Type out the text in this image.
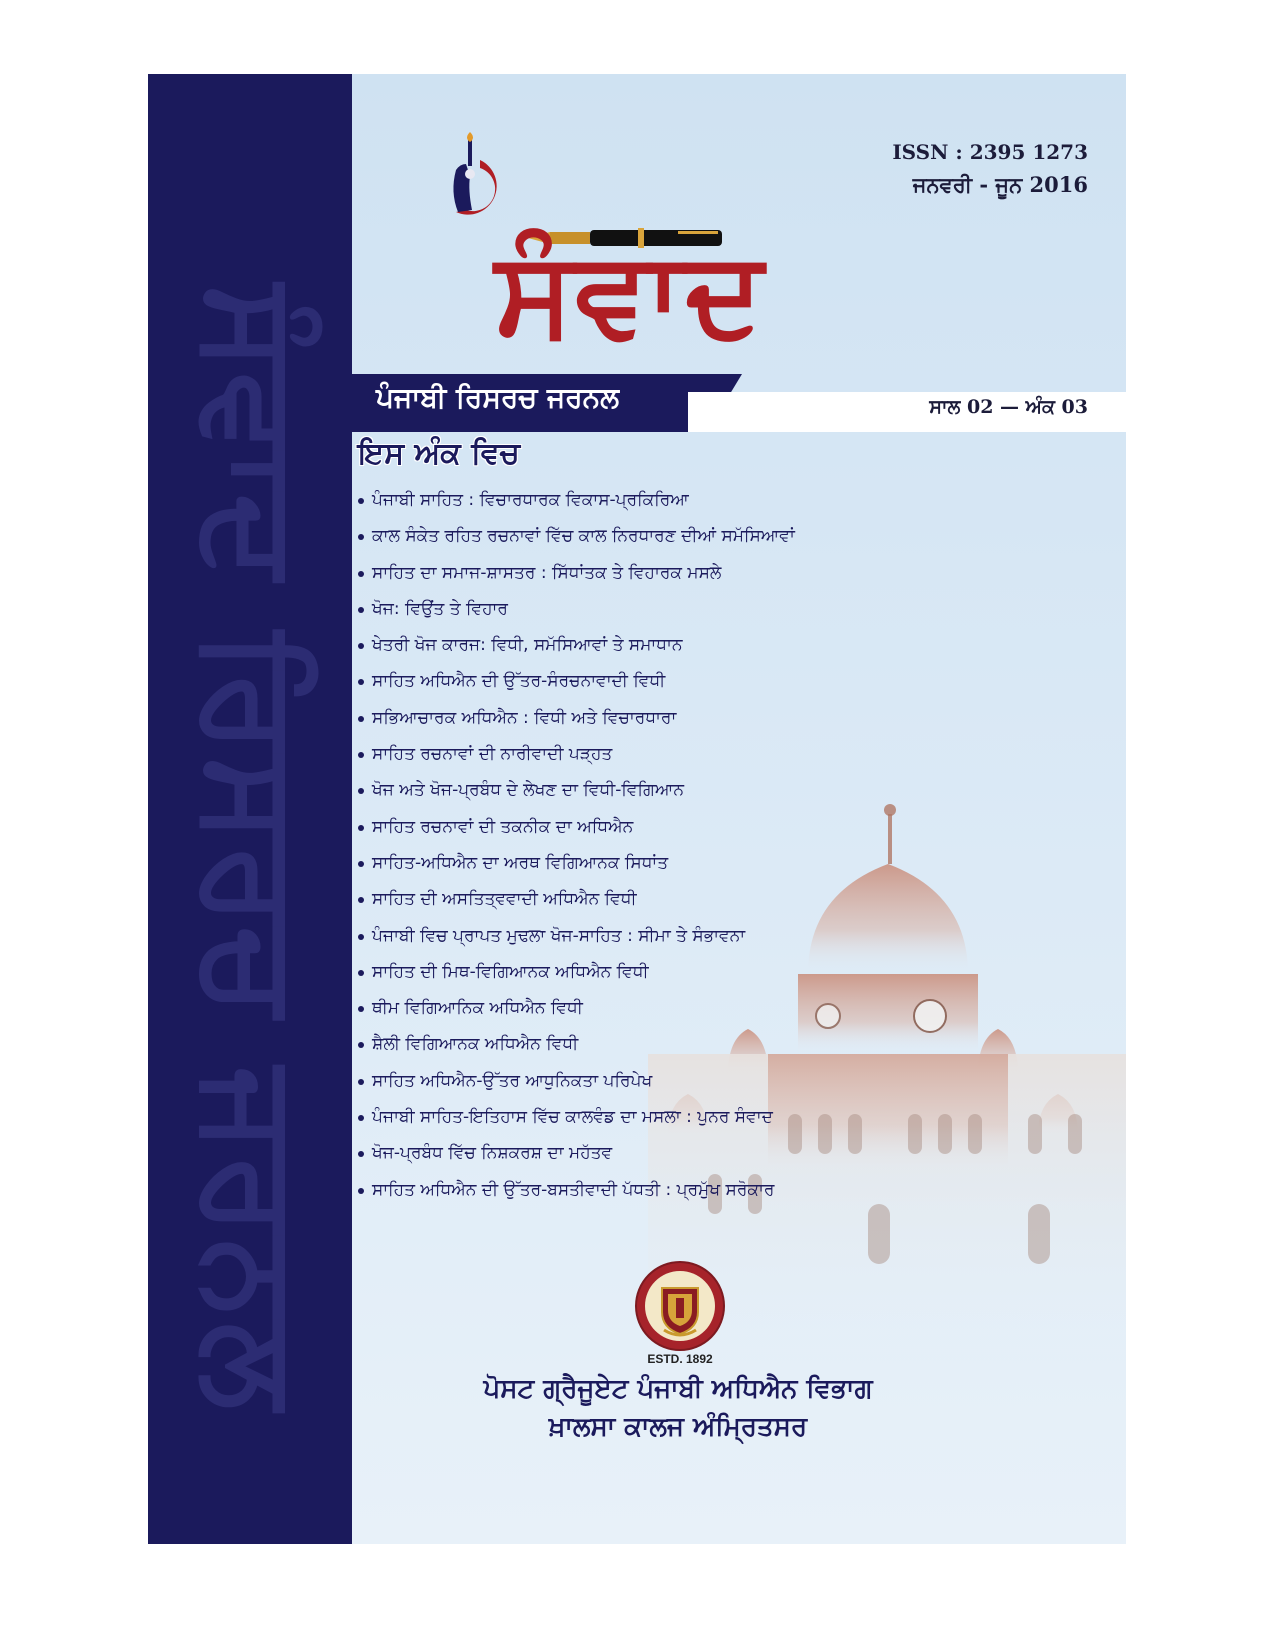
ਸੰਵਾਦ ਰਿਸਰਚ ਜਰਨਲ
ISSN : 2395 1273
ਜਨਵਰੀ - ਜੂਨ 2016
ਸੰਵਾਦ
ਪੰਜਾਬੀ ਰਿਸਰਚ ਜਰਨਲ	ਸਾਲ 02 — ਅੰਕ 03
ਇਸ ਅੰਕ ਵਿਚ
ਪੰਜਾਬੀ ਸਾਹਿਤ : ਵਿਚਾਰਧਾਰਕ ਵਿਕਾਸ-ਪ੍ਰਕਿਰਿਆ
ਕਾਲ ਸੰਕੇਤ ਰਹਿਤ ਰਚਨਾਵਾਂ ਵਿੱਚ ਕਾਲ ਨਿਰਧਾਰਣ ਦੀਆਂ ਸਮੱਸਿਆਵਾਂ
ਸਾਹਿਤ ਦਾ ਸਮਾਜ-ਸ਼ਾਸਤਰ : ਸਿੱਧਾਂਤਕ ਤੇ ਵਿਹਾਰਕ ਮਸਲੇ
ਖੋਜ: ਵਿਉਂਤ ਤੇ ਵਿਹਾਰ
ਖੇਤਰੀ ਖੋਜ ਕਾਰਜ: ਵਿਧੀ, ਸਮੱਸਿਆਵਾਂ ਤੇ ਸਮਾਧਾਨ
ਸਾਹਿਤ ਅਧਿਐਨ ਦੀ ਉੱਤਰ-ਸੰਰਚਨਾਵਾਦੀ ਵਿਧੀ
ਸਭਿਆਚਾਰਕ ਅਧਿਐਨ : ਵਿਧੀ ਅਤੇ ਵਿਚਾਰਧਾਰਾ
ਸਾਹਿਤ ਰਚਨਾਵਾਂ ਦੀ ਨਾਰੀਵਾਦੀ ਪੜ੍ਹਤ
ਖੋਜ ਅਤੇ ਖੋਜ-ਪ੍ਰਬੰਧ ਦੇ ਲੇਖਣ ਦਾ ਵਿਧੀ-ਵਿਗਿਆਨ
ਸਾਹਿਤ ਰਚਨਾਵਾਂ ਦੀ ਤਕਨੀਕ ਦਾ ਅਧਿਐਨ
ਸਾਹਿਤ-ਅਧਿਐਨ ਦਾ ਅਰਥ ਵਿਗਿਆਨਕ ਸਿਧਾਂਤ
ਸਾਹਿਤ ਦੀ ਅਸਤਿਤ੍ਵਵਾਦੀ ਅਧਿਐਨ ਵਿਧੀ
ਪੰਜਾਬੀ ਵਿਚ ਪ੍ਰਾਪਤ ਮੁਢਲਾ ਖੋਜ-ਸਾਹਿਤ : ਸੀਮਾ ਤੇ ਸੰਭਾਵਨਾ
ਸਾਹਿਤ ਦੀ ਮਿਥ-ਵਿਗਿਆਨਕ ਅਧਿਐਨ ਵਿਧੀ
ਥੀਮ ਵਿਗਿਆਨਿਕ ਅਧਿਐਨ ਵਿਧੀ
ਸ਼ੈਲੀ ਵਿਗਿਆਨਕ ਅਧਿਐਨ ਵਿਧੀ
ਸਾਹਿਤ ਅਧਿਐਨ-ਉੱਤਰ ਆਧੁਨਿਕਤਾ ਪਰਿਪੇਖ
ਪੰਜਾਬੀ ਸਾਹਿਤ-ਇਤਿਹਾਸ ਵਿੱਚ ਕਾਲਵੰਡ ਦਾ ਮਸਲਾ : ਪੁਨਰ ਸੰਵਾਦ
ਖੋਜ-ਪ੍ਰਬੰਧ ਵਿੱਚ ਨਿਸ਼ਕਰਸ਼ ਦਾ ਮਹੱਤਵ
ਸਾਹਿਤ ਅਧਿਐਨ ਦੀ ਉੱਤਰ-ਬਸਤੀਵਾਦੀ ਪੱਧਤੀ : ਪ੍ਰਮੁੱਖ ਸਰੋਕਾਰ
ESTD. 1892
ਪੋਸਟ ਗ੍ਰੈਜੂਏਟ ਪੰਜਾਬੀ ਅਧਿਐਨ ਵਿਭਾਗ
ਖ਼ਾਲਸਾ ਕਾਲਜ ਅੰਮ੍ਰਿਤਸਰ
